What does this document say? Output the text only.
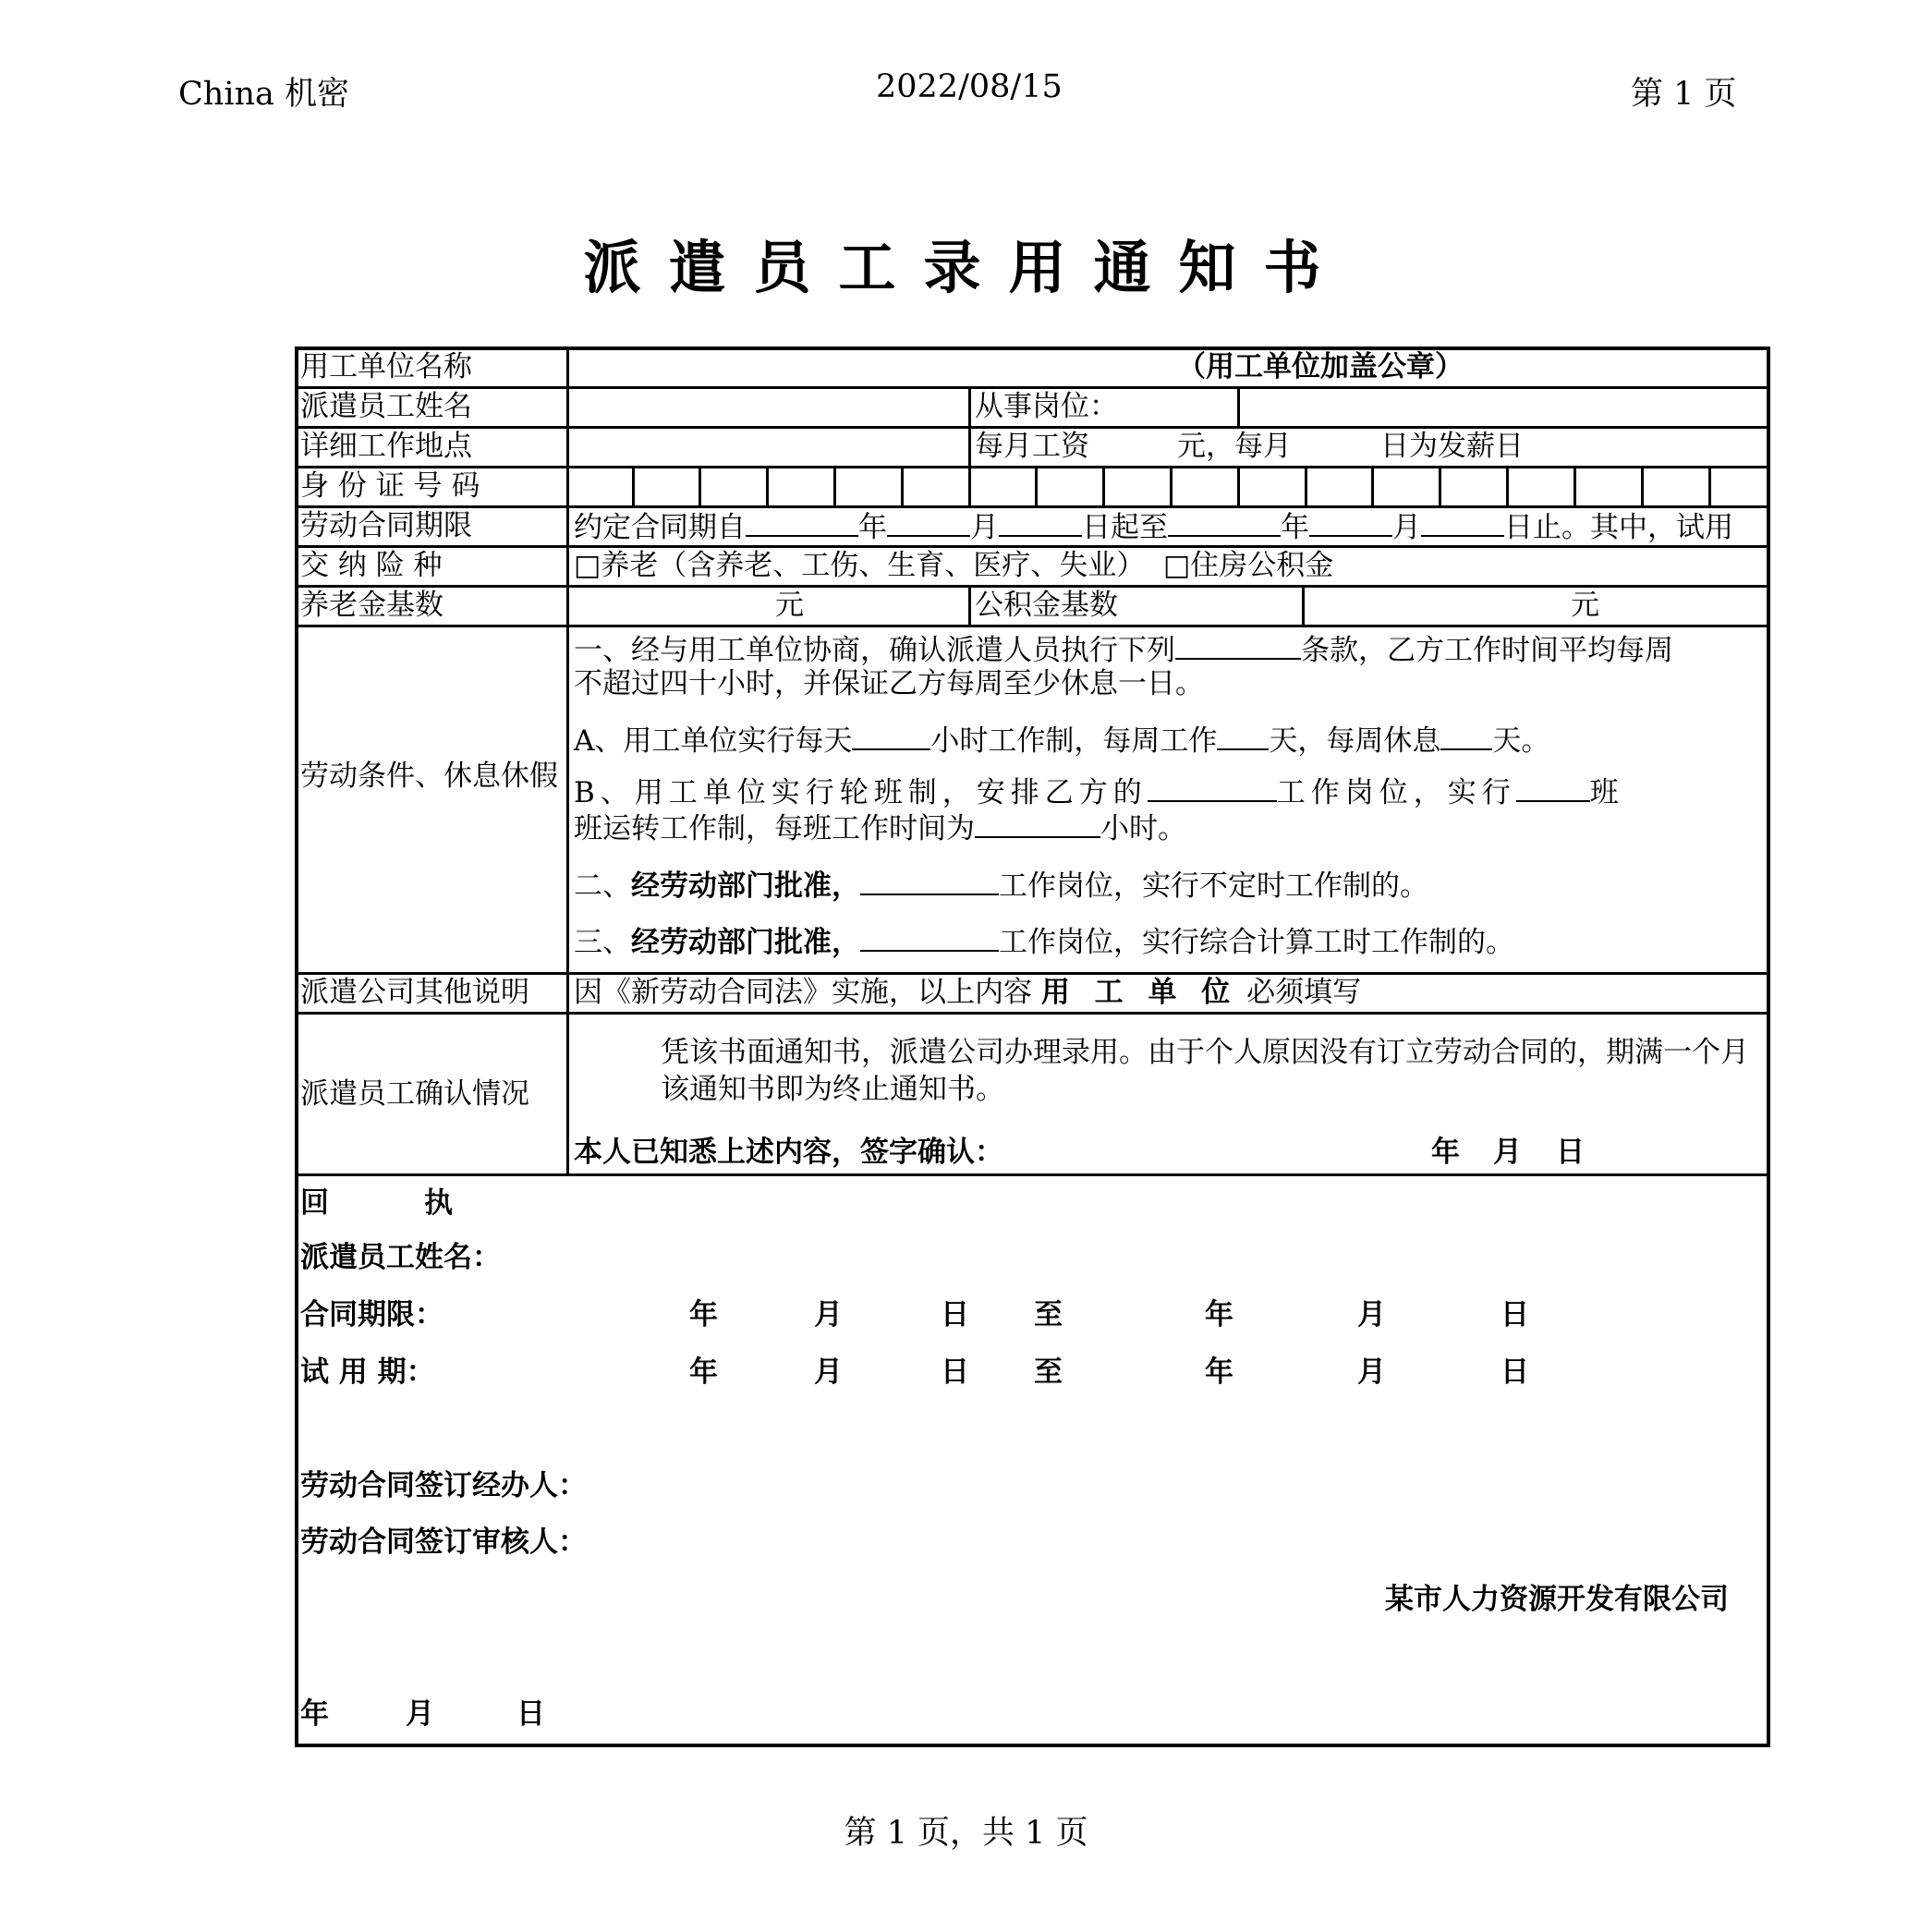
China 机密	2022/08/15	第 1 页
派遣员工录用通知书
用工单位名称	（用工单位加盖公章）
派遣员工姓名	从事岗位：
详细工作地点	每月工资	元，每月	日为发薪日
身 份 证 号 码
劳动合同期限	约定合同期自	年	月	日起至	年	月	日止。其中，试用
交 纳 险 种	□养老（含养老、工伤、生育、医疗、失业）  □住房公积金
养老金基数	元	公积金基数	元
劳动条件、休息休假
一、经与用工单位协商，确认派遣人员执行下列	条款，乙方工作时间平均每周
不超过四十小时，并保证乙方每周至少休息一日。
A、用工单位实行每天	小时工作制，每周工作 天，每周休息 天。
B、用工单位实行轮班制，安排乙方的	工作岗位，实行	班
班运转工作制，每班工作时间为	小时。
二、经劳动部门批准，	工作岗位，实行不定时工作制的。
三、经劳动部门批准，	工作岗位，实行综合计算工时工作制的。
派遣公司其他说明 因《新劳动合同法》实施，以上内容 用 工 单 位 必须填写
派遣员工确认情况
凭该书面通知书，派遣公司办理录用。由于个人原因没有订立劳动合同的，期满一个月该通知书即为终止通知书。
本人已知悉上述内容，签字确认：	年 月 日
回	执
派遣员工姓名：
合同期限：	年	月	日 至	年	月	日
试 用 期：	年	月	日 至	年	月	日
劳动合同签订经办人：
劳动合同签订审核人：
某市人力资源开发有限公司
年	月	日
第 1 页，共 1 页
